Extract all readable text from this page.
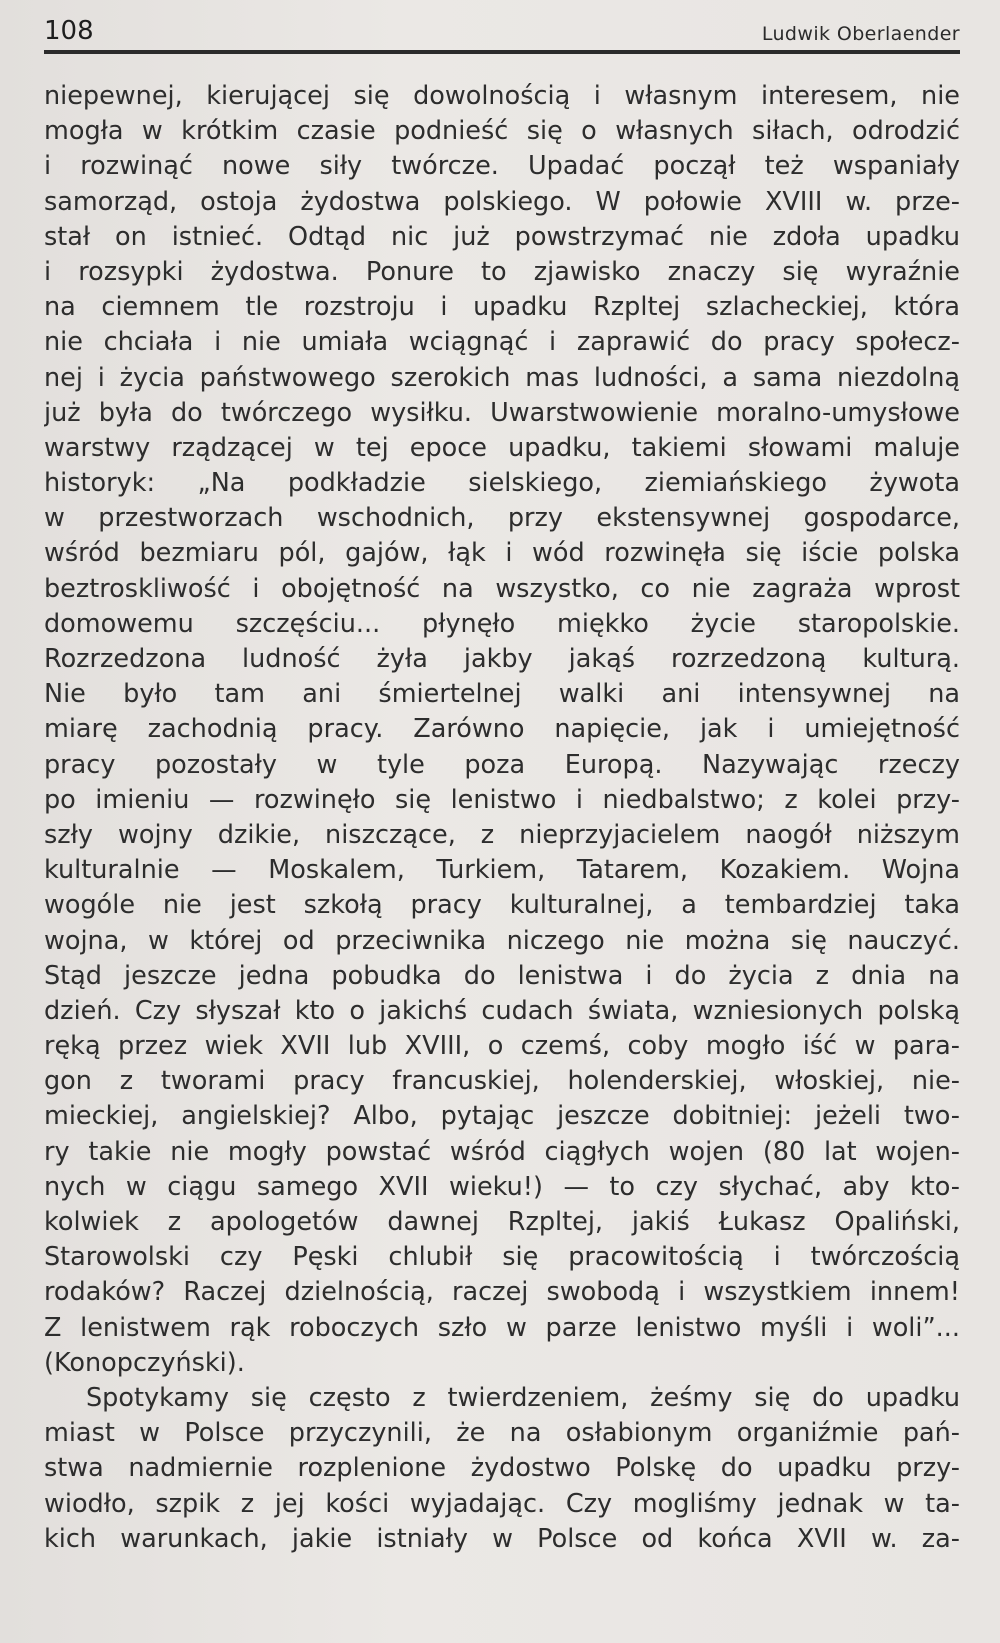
108	Ludwik Oberlaender
niepewnej, kierującej się dowolnością i własnym interesem, nie
mogła w krótkim czasie podnieść się o własnych siłach, odrodzić
i rozwinąć nowe siły twórcze. Upadać począł też wspaniały
samorząd, ostoja żydostwa polskiego. W połowie XVIII w. prze-
stał on istnieć. Odtąd nic już powstrzymać nie zdoła upadku
i rozsypki żydostwa. Ponure to zjawisko znaczy się wyraźnie
na ciemnem tle rozstroju i upadku Rzpltej szlacheckiej, która
nie chciała i nie umiała wciągnąć i zaprawić do pracy społecz-
nej i życia państwowego szerokich mas ludności, a sama niezdolną
już była do twórczego wysiłku. Uwarstwowienie moralno-umysłowe
warstwy rządzącej w tej epoce upadku, takiemi słowami maluje
historyk: „Na podkładzie sielskiego, ziemiańskiego żywota
w przestworzach wschodnich, przy ekstensywnej gospodarce,
wśród bezmiaru pól, gajów, łąk i wód rozwinęła się iście polska
beztroskliwość i obojętność na wszystko, co nie zagraża wprost
domowemu szczęściu... płynęło miękko życie staropolskie.
Rozrzedzona ludność żyła jakby jakąś rozrzedzoną kulturą.
Nie było tam ani śmiertelnej walki ani intensywnej na
miarę zachodnią pracy. Zarówno napięcie, jak i umiejętność
pracy pozostały w tyle poza Europą. Nazywając rzeczy
po imieniu — rozwinęło się lenistwo i niedbalstwo; z kolei przy-
szły wojny dzikie, niszczące, z nieprzyjacielem naogół niższym
kulturalnie — Moskalem, Turkiem, Tatarem, Kozakiem. Wojna
wogóle nie jest szkołą pracy kulturalnej, a tembardziej taka
wojna, w której od przeciwnika niczego nie można się nauczyć.
Stąd jeszcze jedna pobudka do lenistwa i do życia z dnia na
dzień. Czy słyszał kto o jakichś cudach świata, wzniesionych polską
ręką przez wiek XVII lub XVIII, o czemś, coby mogło iść w para-
gon z tworami pracy francuskiej, holenderskiej, włoskiej, nie-
mieckiej, angielskiej? Albo, pytając jeszcze dobitniej: jeżeli two-
ry takie nie mogły powstać wśród ciągłych wojen (80 lat wojen-
nych w ciągu samego XVII wieku!) — to czy słychać, aby kto-
kolwiek z apologetów dawnej Rzpltej, jakiś Łukasz Opaliński,
Starowolski czy Pęski chlubił się pracowitością i twórczością
rodaków? Raczej dzielnością, raczej swobodą i wszystkiem innem!
Z lenistwem rąk roboczych szło w parze lenistwo myśli i woli”...
(Konopczyński).
Spotykamy się często z twierdzeniem, żeśmy się do upadku
miast w Polsce przyczynili, że na osłabionym organiźmie pań-
stwa nadmiernie rozplenione żydostwo Polskę do upadku przy-
wiodło, szpik z jej kości wyjadając. Czy mogliśmy jednak w ta-
kich warunkach, jakie istniały w Polsce od końca XVII w. za-
